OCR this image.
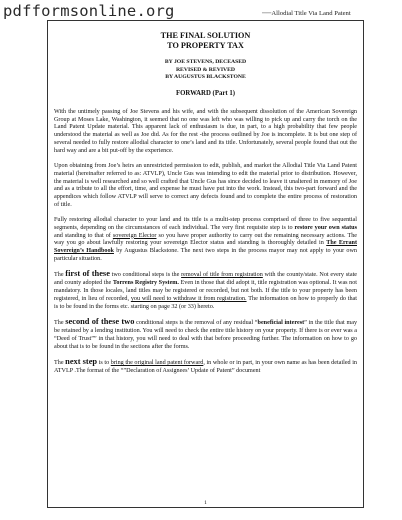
pdfformsonline.org

──	Allodial Title Via Land Patent

THE FINAL SOLUTION
TO PROPERTY TAX
BY JOE STEVENS, DECEASED
REVISED & REVIVED
BY AUGUSTUS BLACKSTONE
FORWARD (Part 1)

With the untimely passing of Joe Stevens and his wife, and with the subsequent dissolution of the American Sovereign Group at Moses Lake, Washington, it seemed that no one was left who was willing to pick up and carry the torch on the Land Patent Update material. This apparent lack of enthusiasm is due, in part, to a high probability that few people understood the material as well as Joe did. As for the rest -the process outlined by Joe is incomplete. It is but one step of several needed to fully restore allodial character to one’s land and its title. Unfortunately, several people found that out the hard way and are a bit put-off by the experience.

Upon obtaining from Joe’s heirs an unrestricted permission to edit, publish, and market the Allodial Title Via Land Patent material (hereinafter referred to as: ATVLP), Uncle Gus was intending to edit the material prior to distribution. However, the material is well researched and so well crafted that Uncle Gus has since decided to leave it unaltered in memory of Joe and as a tribute to all the effort, time, and expense he must have put into the work. Instead, this two-part forward and the appendices which follow ATVLP will serve to correct any defects found and to complete the entire process of restoration of title.

Fully restoring allodial character to your land and its title is a multi-step process comprised of three to five sequential segments, depending on the circumstances of each individual. The very first requisite step is to restore your own status and standing to that of sovereign Elector so you have proper authority to carry out the remaining necessary actions. The way you go about lawfully restoring your sovereign Elector status and standing is thoroughly detailed in The Errant Sovereign’s Handbook by Augustus Blackstone. The next two steps in the process mayor may not apply to your own particular situation.

The first of these two conditional steps is the removal of title from registration with the county/state. Not every state and county adopted the Torrens Registry System. Even in those that did adopt it, title registration was optional. It was not mandatory. In those locales, land titles may be registered or recorded, but not both. If the title to your property has been registered, in lieu of recorded, you will need to withdraw it from registration. The information on how to properly do that is to be found in the forms etc. starting on page 32 (or 33) hereto.

The second of these two conditional steps is the removal of any residual “beneficial interest” in the title that may be retained by a lending institution. You will need to check the entire title history on your property. If there is or ever was a “Deed of Trust”” in that history, you will need to deal with that before proceeding further. The information on how to go about that is to be found in the sections after the forms.

The next step is to bring the original land patent forward, in whole or in part, in your own name as has been detailed in ATVLP .The format of the “”Declaration of Assignees’ Update of Patent” document

1
